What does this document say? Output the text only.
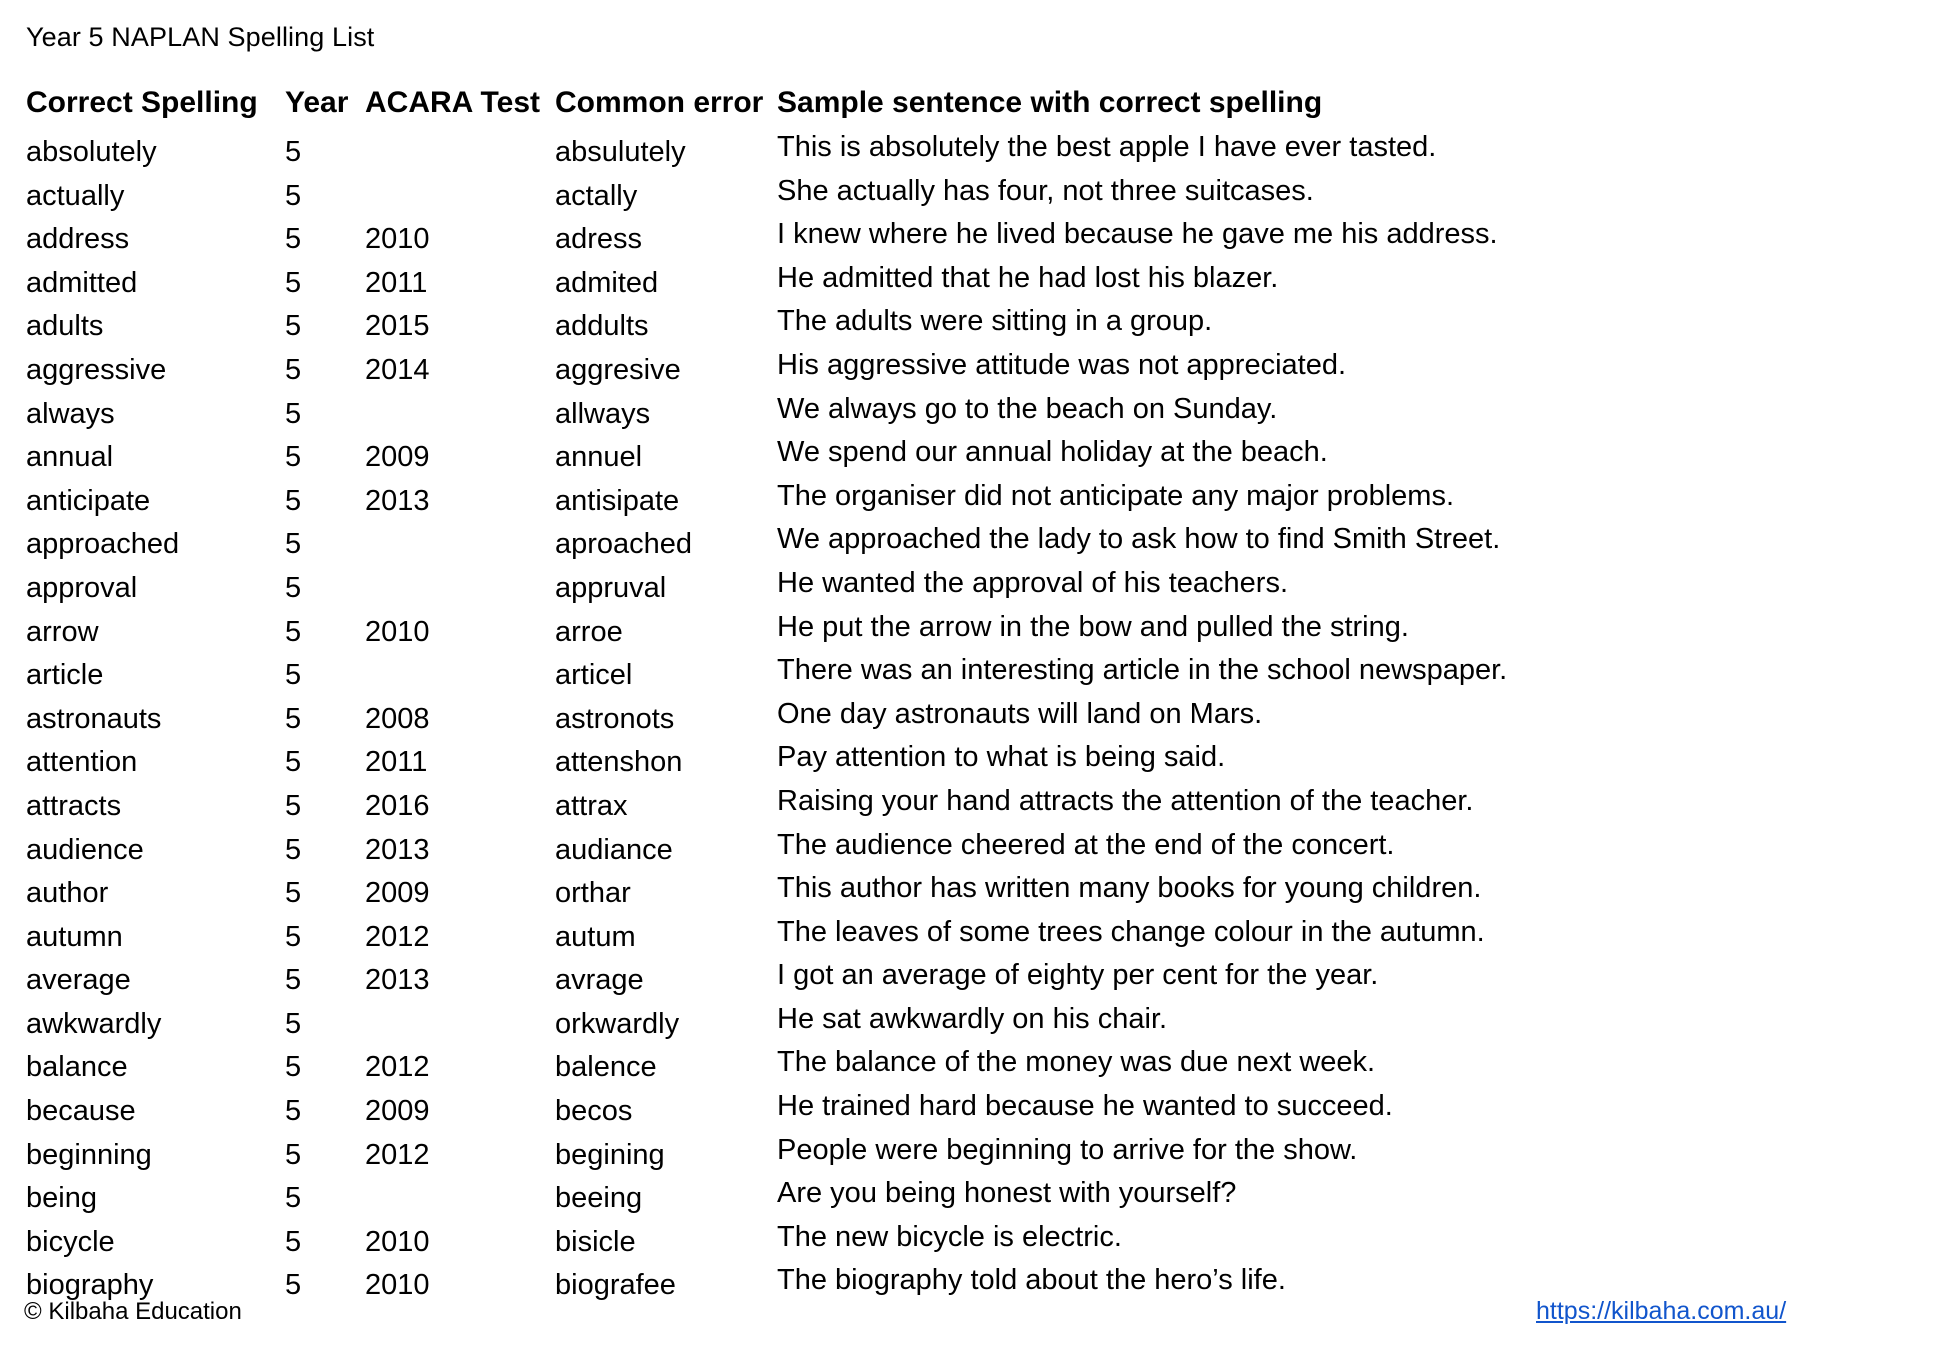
Year 5 NAPLAN Spelling List
Correct Spelling	Year	ACARA Test	Common error	Sample sentence with correct spelling
absolutely	5		absulutely	This is absolutely the best apple I have ever tasted.
actually	5		actally	She actually has four, not three suitcases.
address	5	2010	adress	I knew where he lived because he gave me his address.
admitted	5	2011	admited	He admitted that he had lost his blazer.
adults	5	2015	addults	The adults were sitting in a group.
aggressive	5	2014	aggresive	His aggressive attitude was not appreciated.
always	5		allways	We always go to the beach on Sunday.
annual	5	2009	annuel	We spend our annual holiday at the beach.
anticipate	5	2013	antisipate	The organiser did not anticipate any major problems.
approached	5		aproached	We approached the lady to ask how to find Smith Street.
approval	5		appruval	He wanted the approval of his teachers.
arrow	5	2010	arroe	He put the arrow in the bow and pulled the string.
article	5		articel	There was an interesting article in the school newspaper.
astronauts	5	2008	astronots	One day astronauts will land on Mars.
attention	5	2011	attenshon	Pay attention to what is being said.
attracts	5	2016	attrax	Raising your hand attracts the attention of the teacher.
audience	5	2013	audiance	The audience cheered at the end of the concert.
author	5	2009	orthar	This author has written many books for young children.
autumn	5	2012	autum	The leaves of some trees change colour in the autumn.
average	5	2013	avrage	I got an average of eighty per cent for the year.
awkwardly	5		orkwardly	He sat awkwardly on his chair.
balance	5	2012	balence	The balance of the money was due next week.
because	5	2009	becos	He trained hard because he wanted to succeed.
beginning	5	2012	begining	People were beginning to arrive for the show.
being	5		beeing	Are you being honest with yourself?
bicycle	5	2010	bisicle	The new bicycle is electric.
biography	5	2010	biografee	The biography told about the hero’s life.
© Kilbaha Education	https://kilbaha.com.au/
